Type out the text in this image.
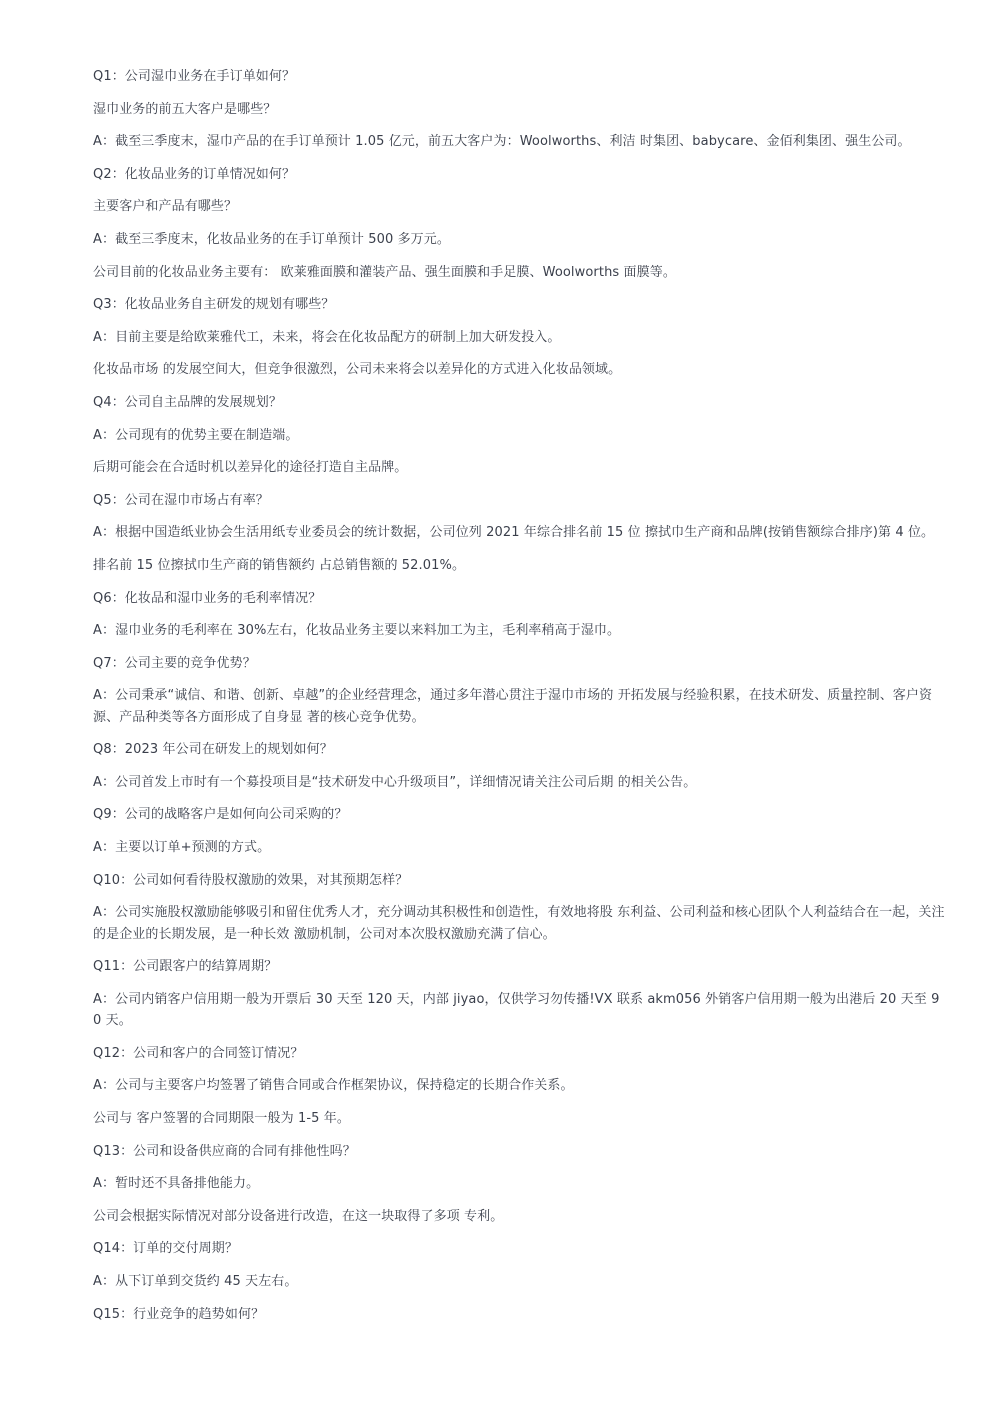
Q1：公司湿巾业务在手订单如何？

湿巾业务的前五大客户是哪些？

A：截至三季度末，湿巾产品的在手订单预计 1.05 亿元，前五大客户为：Woolworths、利洁 时集团、babycare、金佰利集团、强生公司。

Q2：化妆品业务的订单情况如何？

主要客户和产品有哪些？

A：截至三季度末，化妆品业务的在手订单预计 500 多万元。

公司目前的化妆品业务主要有： 欧莱雅面膜和灌装产品、强生面膜和手足膜、Woolworths 面膜等。

Q3：化妆品业务自主研发的规划有哪些？

A：目前主要是给欧莱雅代工，未来，将会在化妆品配方的研制上加大研发投入。

化妆品市场 的发展空间大，但竞争很激烈，公司未来将会以差异化的方式进入化妆品领域。

Q4：公司自主品牌的发展规划？

A：公司现有的优势主要在制造端。

后期可能会在合适时机以差异化的途径打造自主品牌。

Q5：公司在湿巾市场占有率？

A：根据中国造纸业协会生活用纸专业委员会的统计数据，公司位列 2021 年综合排名前 15 位 擦拭巾生产商和品牌(按销售额综合排序)第 4 位。

排名前 15 位擦拭巾生产商的销售额约 占总销售额的 52.01%。

Q6：化妆品和湿巾业务的毛利率情况？

A：湿巾业务的毛利率在 30%左右，化妆品业务主要以来料加工为主，毛利率稍高于湿巾。

Q7：公司主要的竞争优势？

A：公司秉承“诚信、和谐、创新、卓越”的企业经营理念，通过多年潜心贯注于湿巾市场的 开拓发展与经验积累，在技术研发、质量控制、客户资源、产品种类等各方面形成了自身显 著的核心竞争优势。

Q8：2023 年公司在研发上的规划如何？

A：公司首发上市时有一个募投项目是“技术研发中心升级项目”，详细情况请关注公司后期 的相关公告。

Q9：公司的战略客户是如何向公司采购的？

A：主要以订单+预测的方式。

Q10：公司如何看待股权激励的效果，对其预期怎样？

A：公司实施股权激励能够吸引和留住优秀人才，充分调动其积极性和创造性，有效地将股 东利益、公司利益和核心团队个人利益结合在一起，关注的是企业的长期发展，是一种长效 激励机制，公司对本次股权激励充满了信心。

Q11：公司跟客户的结算周期？

A：公司内销客户信用期一般为开票后 30 天至 120 天，内部 jiyao，仅供学习勿传播!VX 联系 akm056 外销客户信用期一般为出港后 20 天至 90 天。

Q12：公司和客户的合同签订情况？

A：公司与主要客户均签署了销售合同或合作框架协议，保持稳定的长期合作关系。

公司与 客户签署的合同期限一般为 1-5 年。

Q13：公司和设备供应商的合同有排他性吗？

A：暂时还不具备排他能力。

公司会根据实际情况对部分设备进行改造，在这一块取得了多项 专利。

Q14：订单的交付周期？

A：从下订单到交货约 45 天左右。

Q15：行业竞争的趋势如何？
